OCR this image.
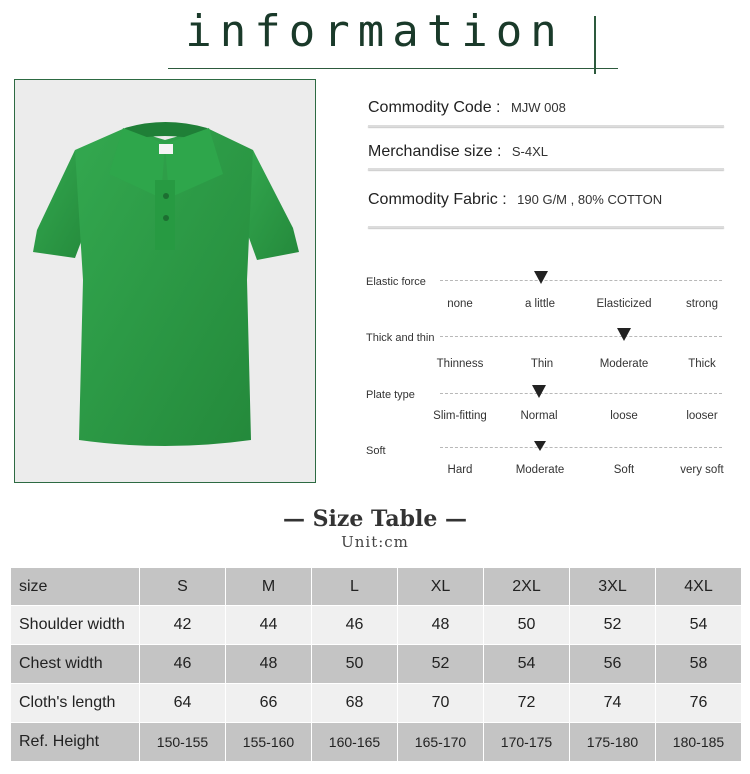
information
Commodity Code : MJW 008
Merchandise size : S-4XL
Commodity Fabric : 190 G/M , 80% COTTON
Elastic force
none	a little	Elasticized	strong
Thick and thin
Thinness	Thin	Moderate	Thick
Plate type
Slim-fitting	Normal	loose	looser
Soft
Hard	Moderate	Soft	very soft
— Size Table —
Unit:cm
size	S	M	L	XL	2XL	3XL	4XL
Shoulder width	42	44	46	48	50	52	54
Chest width	46	48	50	52	54	56	58
Cloth's length	64	66	68	70	72	74	76
Ref. Height	150-155	155-160	160-165	165-170	170-175	175-180	180-185
